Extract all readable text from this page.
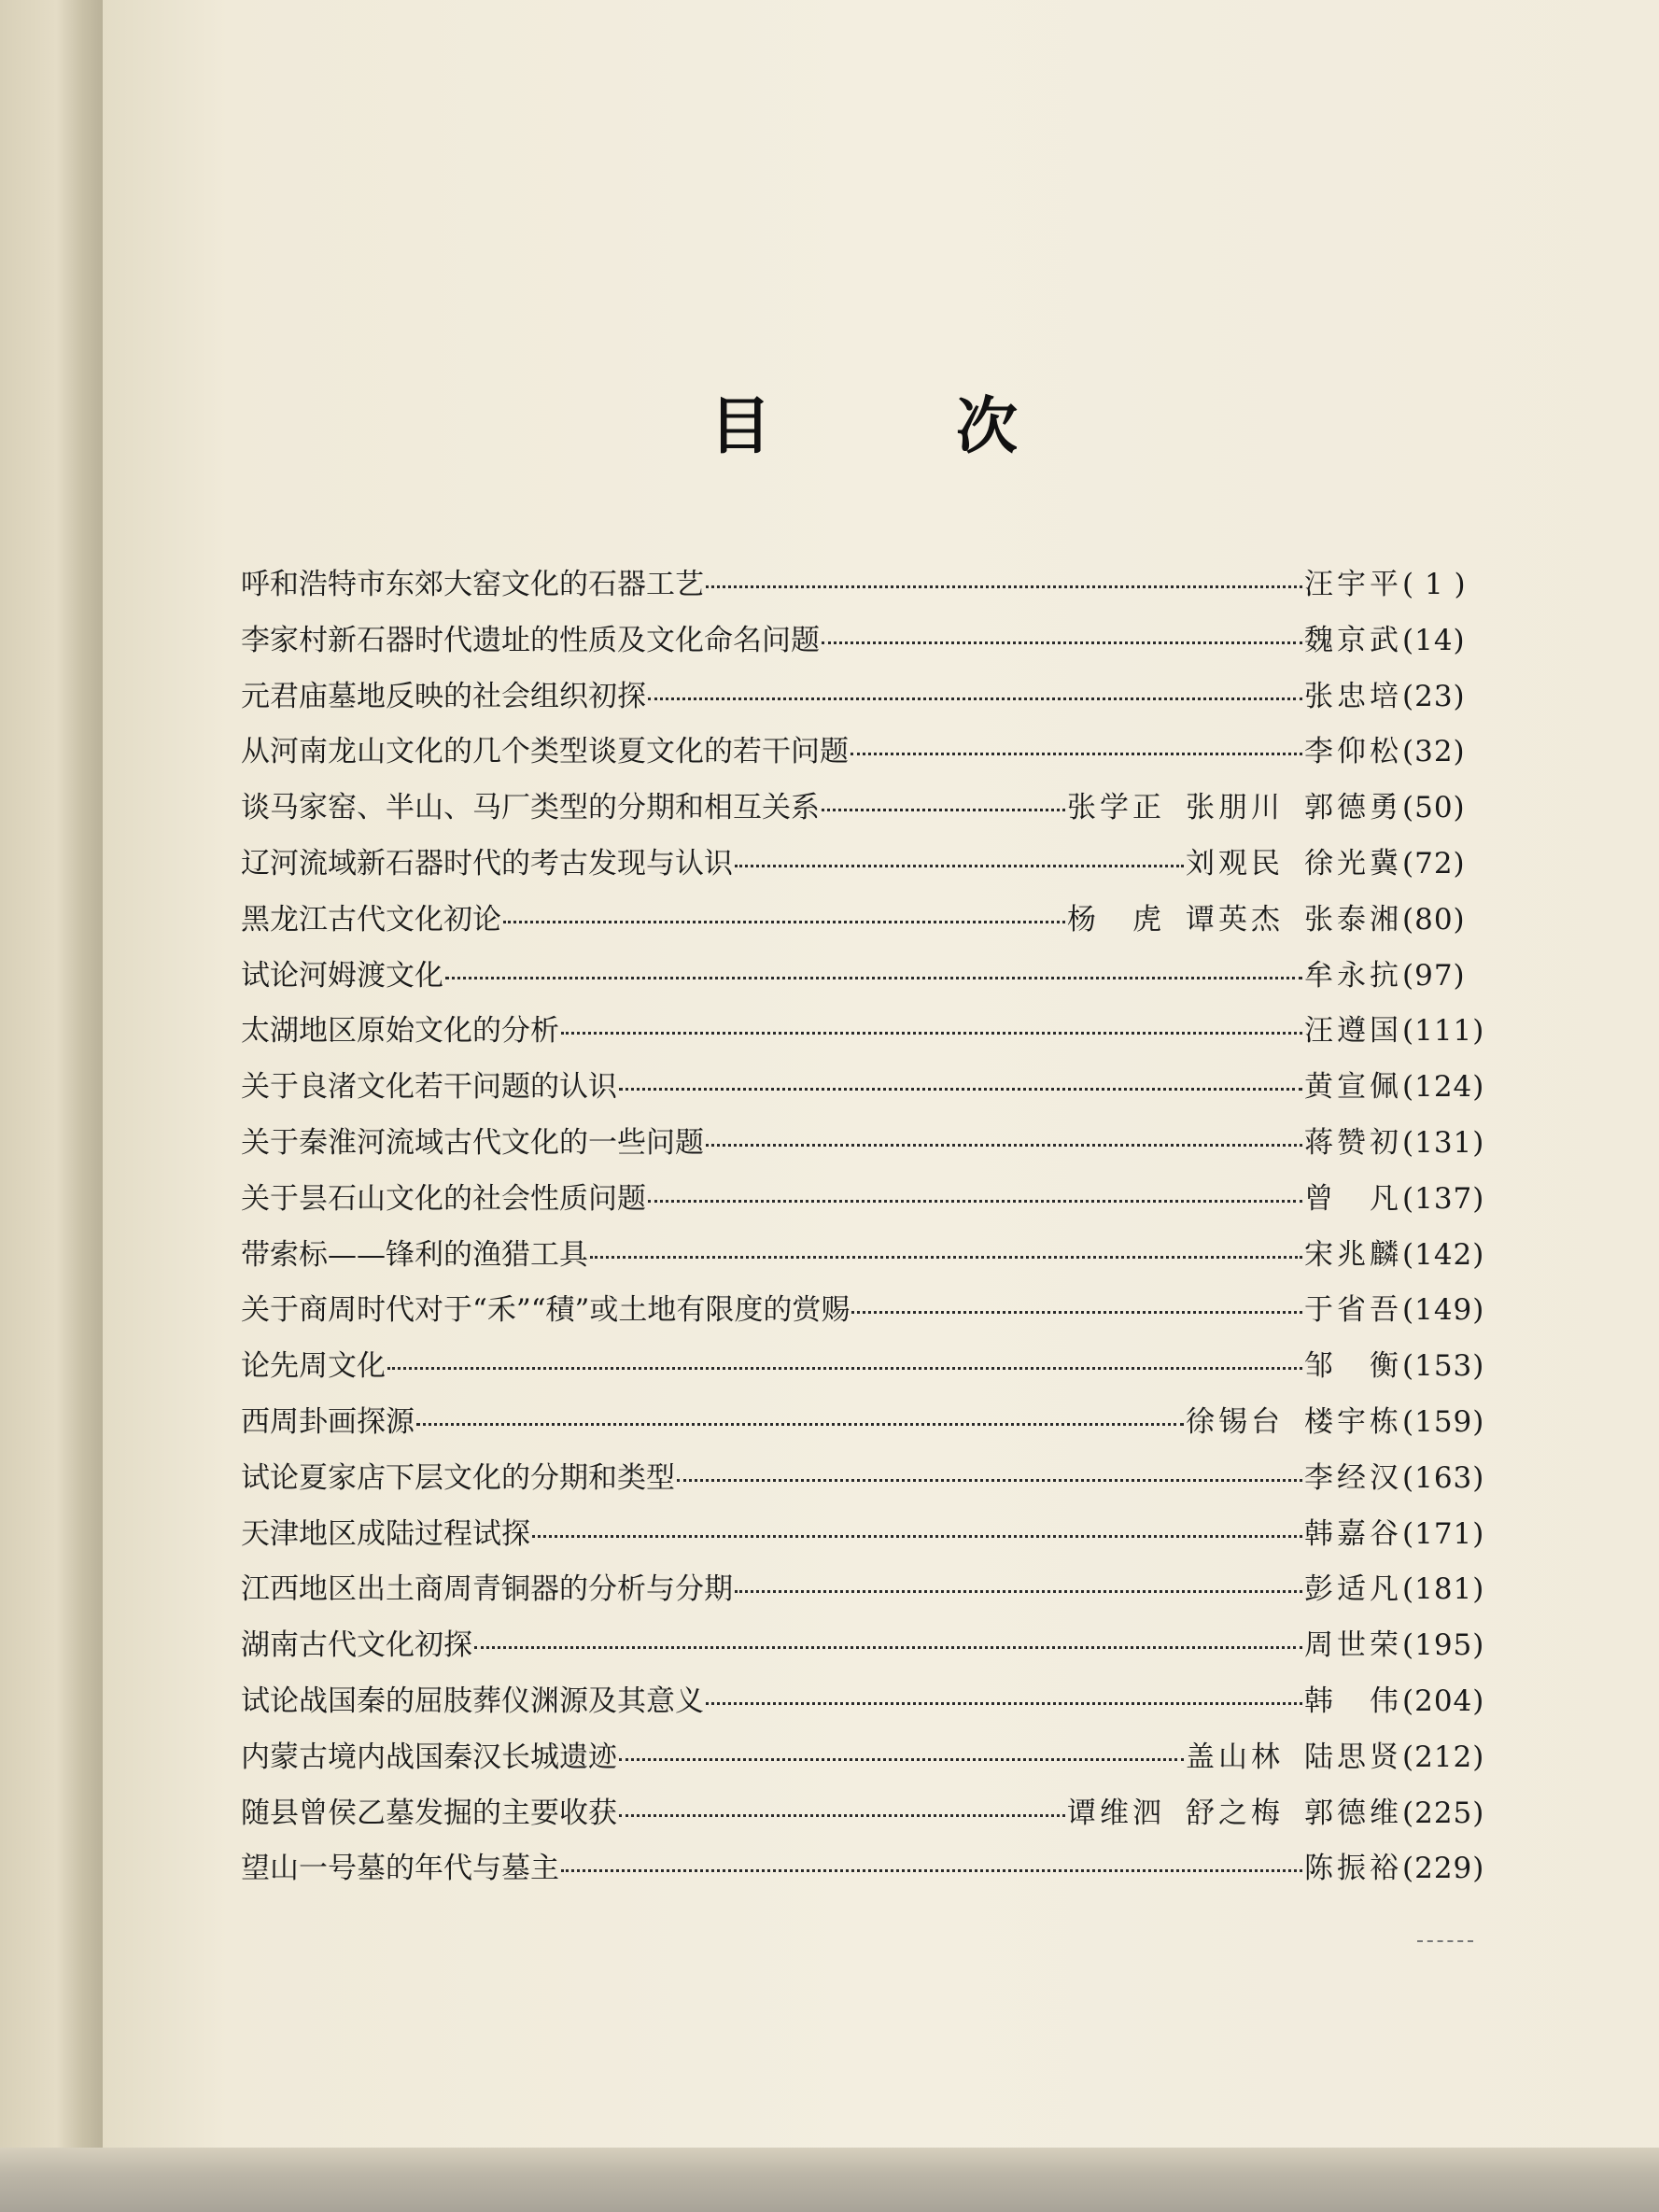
目	次
呼和浩特市东郊大窑文化的石器工艺	汪宇平 ( 1 )
李家村新石器时代遗址的性质及文化命名问题	魏京武 (14)
元君庙墓地反映的社会组织初探	张忠培 (23)
从河南龙山文化的几个类型谈夏文化的若干问题	李仰松 (32)
谈马家窑、半山、马厂类型的分期和相互关系	张学正 张朋川 郭德勇 (50)
辽河流域新石器时代的考古发现与认识	刘观民 徐光冀 (72)
黑龙江古代文化初论	杨　虎 谭英杰 张泰湘 (80)
试论河姆渡文化	牟永抗 (97)
太湖地区原始文化的分析	汪遵国 (111)
关于良渚文化若干问题的认识	黄宣佩 (124)
关于秦淮河流域古代文化的一些问题	蒋赞初 (131)
关于昙石山文化的社会性质问题	曾　凡 (137)
带索标——锋利的渔猎工具	宋兆麟 (142)
关于商周时代对于“禾”“積”或土地有限度的赏赐	于省吾 (149)
论先周文化	邹　衡 (153)
西周卦画探源	徐锡台 楼宇栋 (159)
试论夏家店下层文化的分期和类型	李经汉 (163)
天津地区成陆过程试探	韩嘉谷 (171)
江西地区出土商周青铜器的分析与分期	彭适凡 (181)
湖南古代文化初探	周世荣 (195)
试论战国秦的屈肢葬仪渊源及其意义	韩　伟 (204)
内蒙古境内战国秦汉长城遗迹	盖山林 陆思贤 (212)
随县曾侯乙墓发掘的主要收获	谭维泗 舒之梅 郭德维 (225)
望山一号墓的年代与墓主	陈振裕 (229)
